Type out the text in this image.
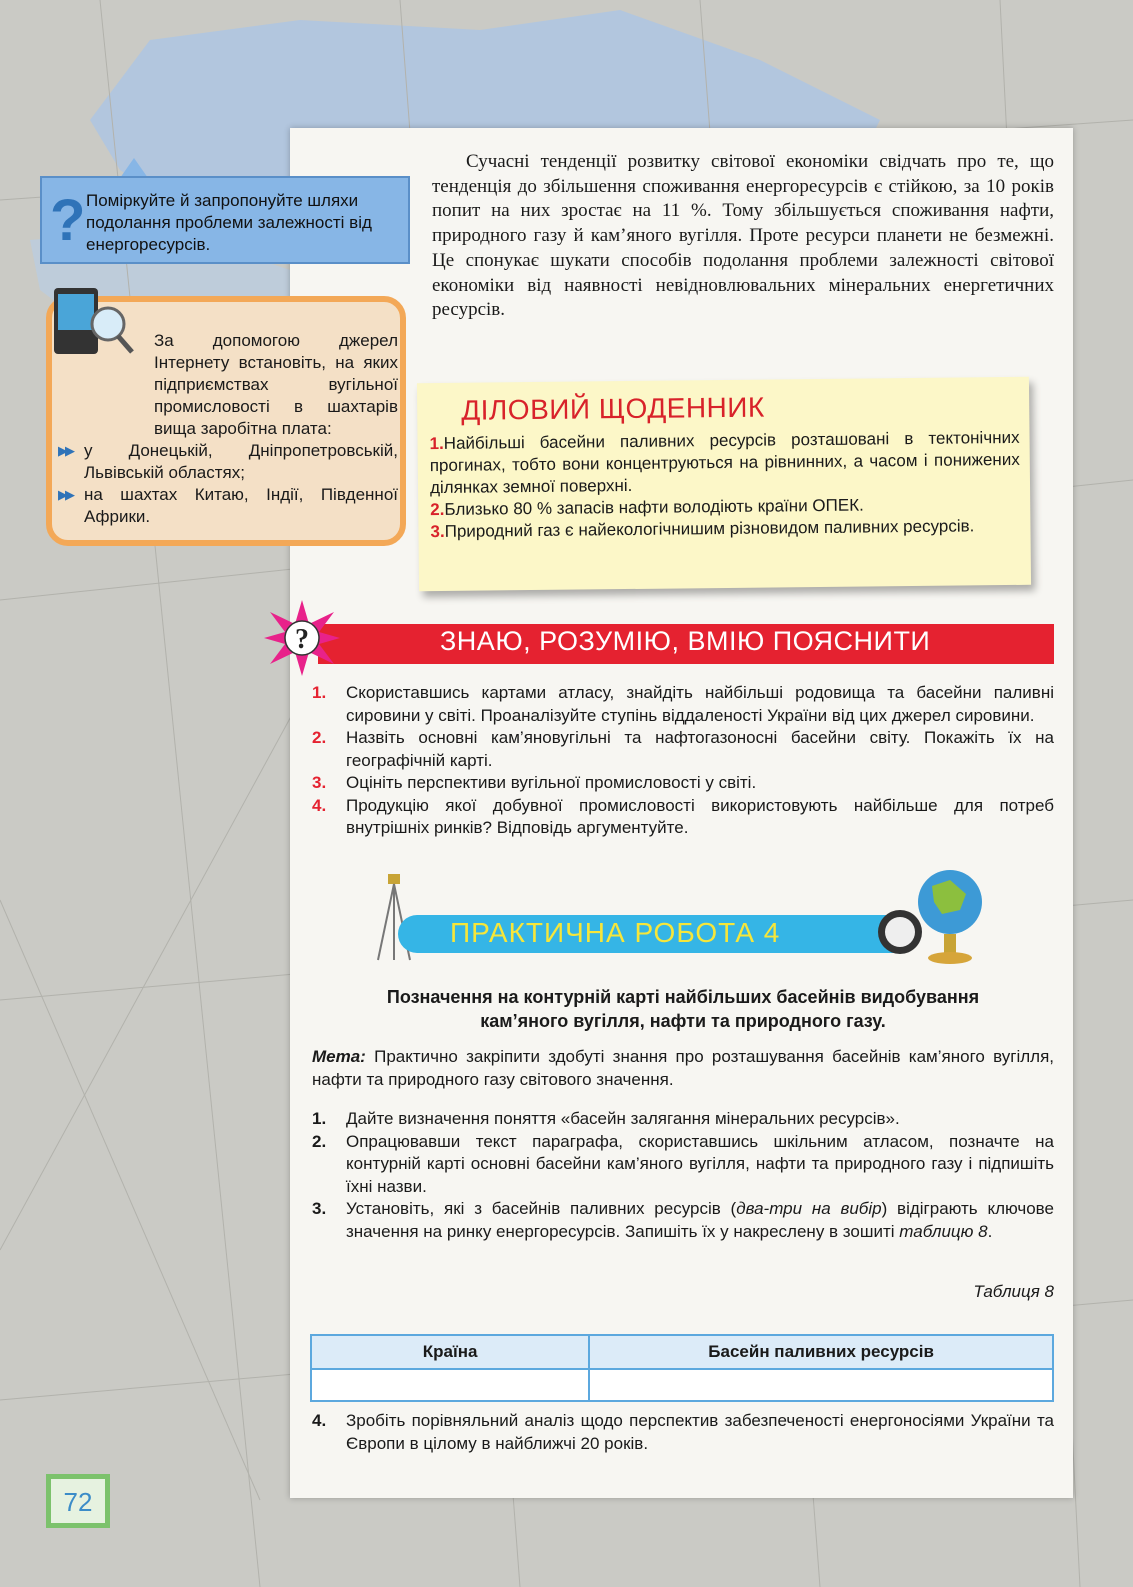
? Поміркуйте й запропонуйте шляхи подолання проблеми залежності від енергоресурсів.
За допомогою джерел Інтернету встановіть, на яких підприємствах вугільної промисловості в шахтарів вища заробітна плата:
▶▶ у Донецькій, Дніпропетровській, Львівській областях;
▶▶ на шахтах Китаю, Індії, Південної Африки.

Сучасні тенденції розвитку світової економіки свідчать про те, що тенденція до збільшення споживання енергоресурсів є стійкою, за 10 років попит на них зростає на 11 %. Тому збільшується споживання нафти, природного газу й кам’яного вугілля. Проте ресурси планети не безмежні. Це спонукає шукати способів подолання проблеми залежності світової економіки від наявності невідновлювальних мінеральних енергетичних ресурсів.

ДІЛОВИЙ ЩОДЕННИК
1.Найбільші басейни паливних ресурсів розташовані в тектонічних прогинах, тобто вони концентруються на рівнинних, а часом і понижених ділянках земної поверхні.
2.Близько 80 % запасів нафти володіють країни ОПЕК.
3.Природний газ є найекологічнишим різновидом паливних ресурсів.
ЗНАЮ, РОЗУМІЮ, ВМІЮ ПОЯСНИТИ
?
1. Скориставшись картами атласу, знайдіть найбільші родовища та басейни паливні сировини у світі. Проаналізуйте ступінь віддаленості України від цих джерел сировини.
2. Назвіть основні кам’яновугільні та нафтогазоносні басейни світу. Покажіть їх на географічній карті.
3. Оцініть перспективи вугільної промисловості у світі.
4. Продукцію якої добувної промисловості використовують найбільше для потреб внутрішніх ринків? Відповідь аргументуйте.
ПРАКТИЧНА РОБОТА 4
Позначення на контурній карті найбільших басейнів видобування
кам’яного вугілля, нафти та природного газу.
Мета: Практично закріпити здобуті знання про розташування басейнів кам’яного вугілля, нафти та природного газу світового значення.
1. Дайте визначення поняття «басейн залягання мінеральних ресурсів».
2. Опрацювавши текст параграфа, скориставшись шкільним атласом, позначте на контурній карті основні басейни кам’яного вугілля, нафти та природного газу і підпишіть їхні назви.
3. Установіть, які з басейнів паливних ресурсів (два-три на вибір) відіграють ключове значення на ринку енергоресурсів. Запишіть їх у накреслену в зошиті таблицю 8.
Таблиця 8
Країна	Басейн паливних ресурсів

4. Зробіть порівняльний аналіз щодо перспектив забезпеченості енергоносіями України та Європи в цілому в найближчі 20 років.
72
